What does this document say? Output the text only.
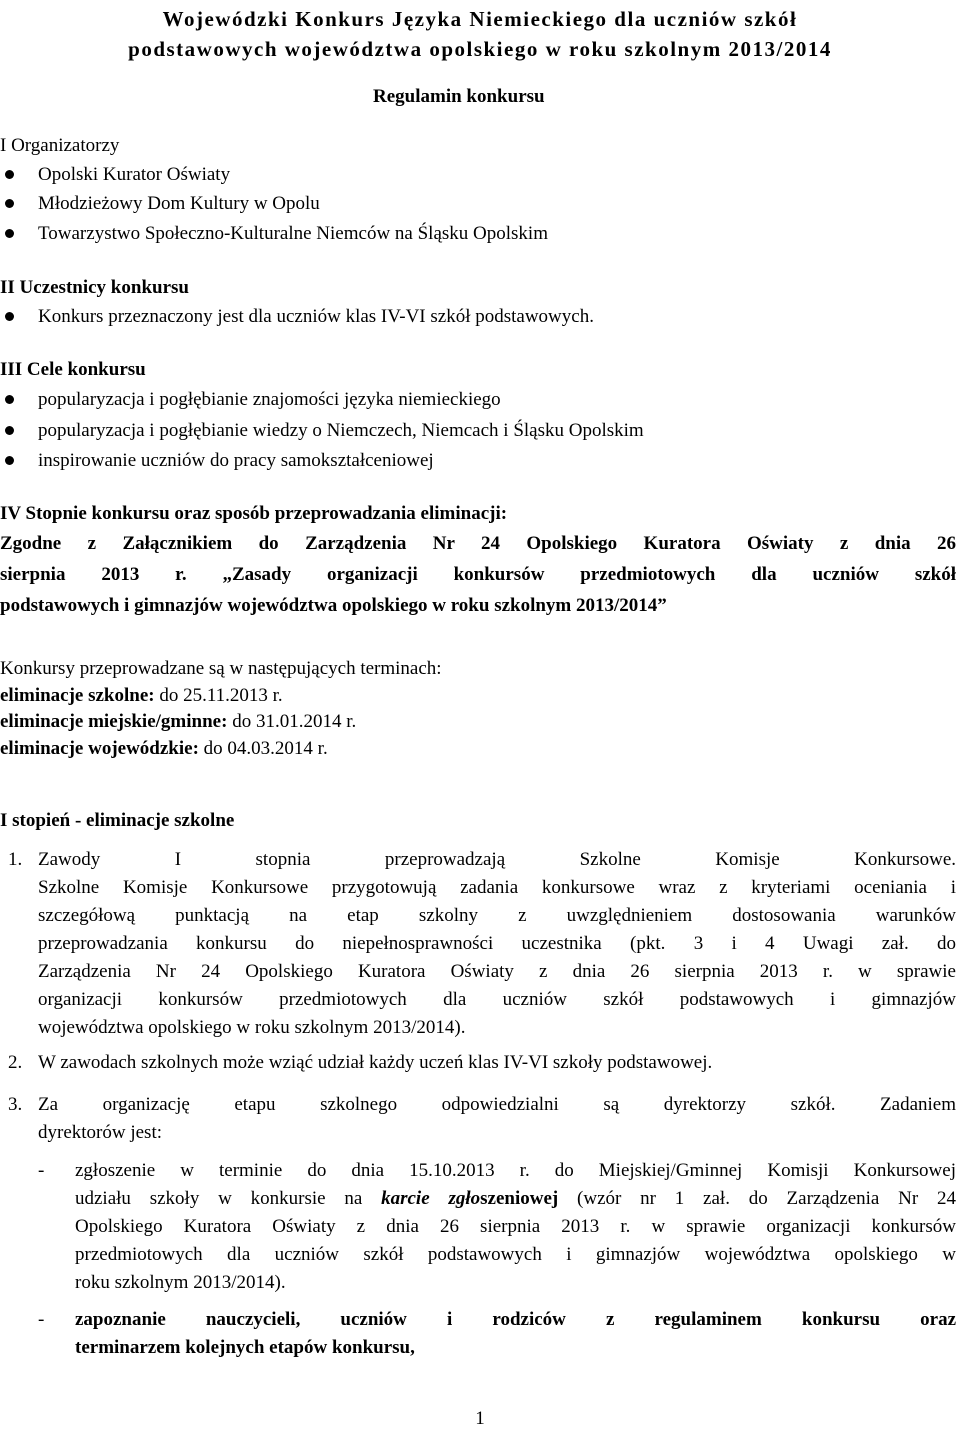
Wojewódzki Konkurs Języka Niemieckiego dla uczniów szkół
podstawowych województwa opolskiego w roku szkolnym 2013/2014
Regulamin konkursu
I Organizatorzy
Opolski Kurator Oświaty
Młodzieżowy Dom Kultury w Opolu
Towarzystwo Społeczno-Kulturalne Niemców na Śląsku Opolskim
II Uczestnicy konkursu
Konkurs przeznaczony jest dla uczniów klas IV-VI szkół podstawowych.
III Cele konkursu
popularyzacja i pogłębianie znajomości języka niemieckiego
popularyzacja i pogłębianie wiedzy o Niemczech, Niemcach i Śląsku Opolskim
inspirowanie uczniów do pracy samokształceniowej
IV Stopnie konkursu oraz sposób przeprowadzania eliminacji:
Zgodne z Załącznikiem do Zarządzenia Nr 24 Opolskiego Kuratora Oświaty z dnia 26
sierpnia 2013 r. „Zasady organizacji konkursów przedmiotowych dla uczniów szkół
podstawowych i gimnazjów województwa opolskiego w roku szkolnym 2013/2014”
Konkursy przeprowadzane są w następujących terminach:
eliminacje szkolne: do 25.11.2013 r.
eliminacje miejskie/gminne: do 31.01.2014 r.
eliminacje wojewódzkie: do 04.03.2014 r.
I stopień - eliminacje szkolne
1. Zawody I stopnia przeprowadzają Szkolne Komisje Konkursowe.
Szkolne Komisje Konkursowe przygotowują zadania konkursowe wraz z kryteriami oceniania i
szczegółową punktacją na etap szkolny z uwzględnieniem dostosowania warunków
przeprowadzania konkursu do niepełnosprawności uczestnika (pkt. 3 i 4 Uwagi zał. do
Zarządzenia Nr 24 Opolskiego Kuratora Oświaty z dnia 26 sierpnia 2013 r. w sprawie
organizacji konkursów przedmiotowych dla uczniów szkół podstawowych i gimnazjów
województwa opolskiego w roku szkolnym 2013/2014).
2. W zawodach szkolnych może wziąć udział każdy uczeń klas IV-VI szkoły podstawowej.
3. Za organizację etapu szkolnego odpowiedzialni są dyrektorzy szkół. Zadaniem
dyrektorów jest:
- zgłoszenie w terminie do dnia 15.10.2013 r. do Miejskiej/Gminnej Komisji Konkursowej
udziału szkoły w konkursie na karcie zgłoszeniowej (wzór nr 1 zał. do Zarządzenia Nr 24
Opolskiego Kuratora Oświaty z dnia 26 sierpnia 2013 r. w sprawie organizacji konkursów
przedmiotowych dla uczniów szkół podstawowych i gimnazjów województwa opolskiego w
roku szkolnym 2013/2014).
- zapoznanie nauczycieli, uczniów i rodziców z regulaminem konkursu oraz
terminarzem kolejnych etapów konkursu,
1
